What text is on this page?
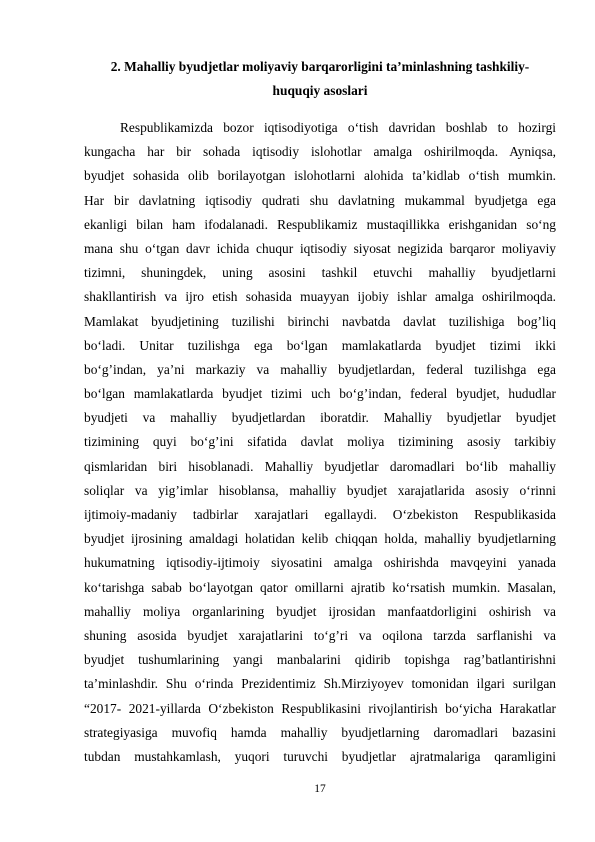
2. Mahalliy byudjetlar moliyaviy barqarorligini ta’minlashning tashkiliy-
huquqiy asoslari
Respublikamizda bozor iqtisodiyotiga o‘tish davridan boshlab to hozirgi
kungacha har bir sohada iqtisodiy islohotlar amalga oshirilmoqda. Ayniqsa,
byudjet sohasida olib borilayotgan islohotlarni alohida ta’kidlab o‘tish mumkin.
Har bir davlatning iqtisodiy qudrati shu davlatning mukammal byudjetga ega
ekanligi bilan ham ifodalanadi. Respublikamiz mustaqillikka erishganidan so‘ng
mana shu o‘tgan davr ichida chuqur iqtisodiy siyosat negizida barqaror moliyaviy
tizimni, shuningdek, uning asosini tashkil etuvchi mahalliy byudjetlarni
shakllantirish va ijro etish sohasida muayyan ijobiy ishlar amalga oshirilmoqda.
Mamlakat byudjetining tuzilishi birinchi navbatda davlat tuzilishiga bog’liq
bo‘ladi. Unitar tuzilishga ega bo‘lgan mamlakatlarda byudjet tizimi ikki
bo‘g’indan, ya’ni markaziy va mahalliy byudjetlardan, federal tuzilishga ega
bo‘lgan mamlakatlarda byudjet tizimi uch bo‘g’indan, federal byudjet, hududlar
byudjeti va mahalliy byudjetlardan iboratdir. Mahalliy byudjetlar byudjet
tizimining quyi bo‘g’ini sifatida davlat moliya tizimining asosiy tarkibiy
qismlaridan biri hisoblanadi. Mahalliy byudjetlar daromadlari bo‘lib mahalliy
soliqlar va yig’imlar hisoblansa, mahalliy byudjet xarajatlarida asosiy o‘rinni
ijtimoiy-madaniy tadbirlar xarajatlari egallaydi. O‘zbekiston Respublikasida
byudjet ijrosining amaldagi holatidan kelib chiqqan holda, mahalliy byudjetlarning
hukumatning iqtisodiy-ijtimoiy siyosatini amalga oshirishda mavqeyini yanada
ko‘tarishga sabab bo‘layotgan qator omillarni ajratib ko‘rsatish mumkin. Masalan,
mahalliy moliya organlarining byudjet ijrosidan manfaatdorligini oshirish va
shuning asosida byudjet xarajatlarini to‘g’ri va oqilona tarzda sarflanishi va
byudjet tushumlarining yangi manbalarini qidirib topishga rag’batlantirishni
ta’minlashdir. Shu o‘rinda Prezidentimiz Sh.Mirziyoyev tomonidan ilgari surilgan
“2017- 2021-yillarda O‘zbekiston Respublikasini rivojlantirish bo‘yicha Harakatlar
strategiyasiga muvofiq hamda mahalliy byudjetlarning daromadlari bazasini
tubdan mustahkamlash, yuqori turuvchi byudjetlar ajratmalariga qaramligini
17
